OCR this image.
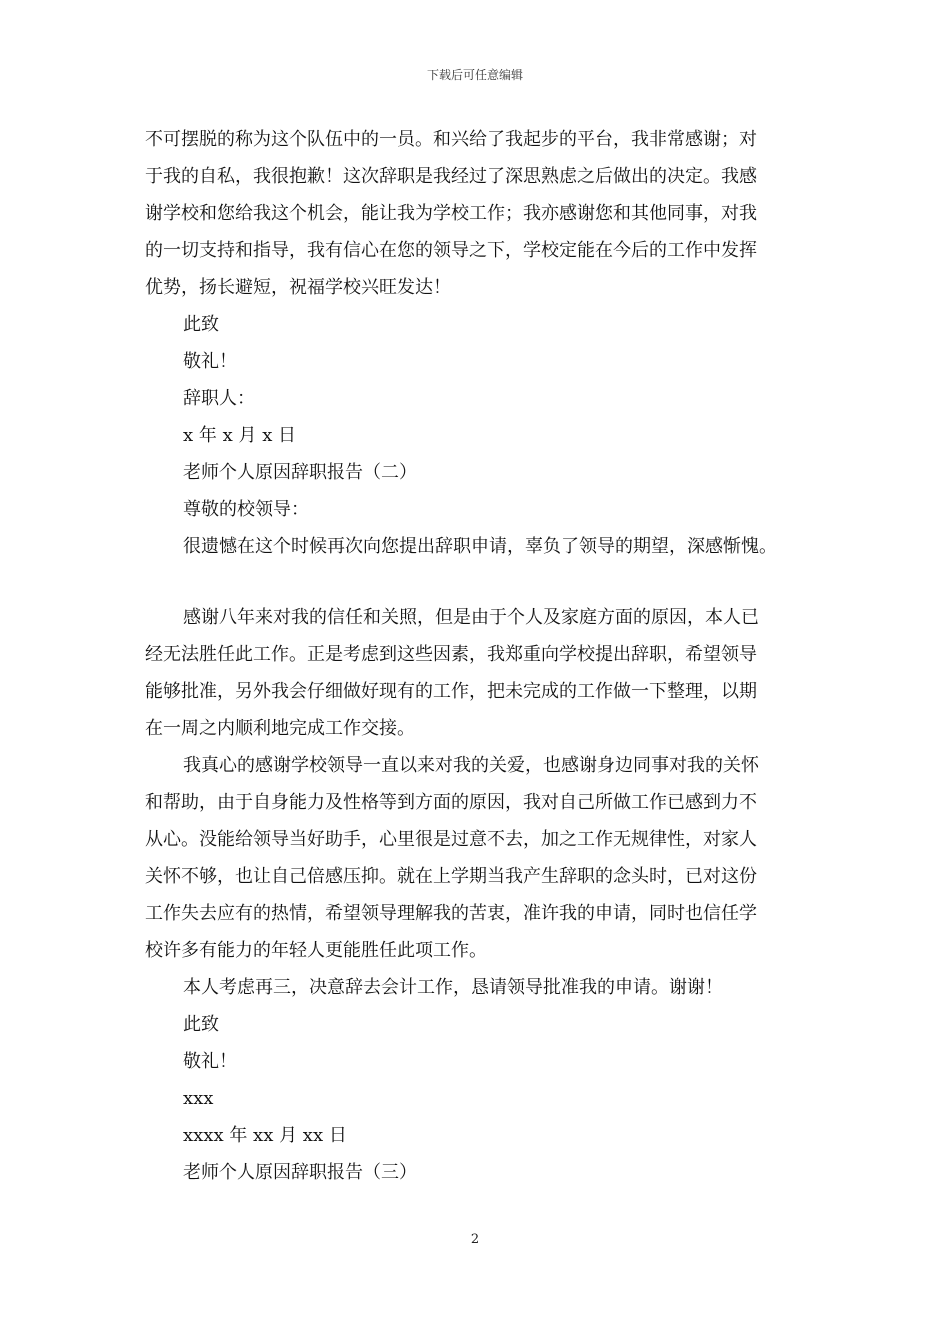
下载后可任意编辑
不可摆脱的称为这个队伍中的一员。和兴给了我起步的平台，我非常感谢；对
于我的自私，我很抱歉！这次辞职是我经过了深思熟虑之后做出的决定。我感
谢学校和您给我这个机会，能让我为学校工作；我亦感谢您和其他同事，对我
的一切支持和指导，我有信心在您的领导之下，学校定能在今后的工作中发挥
优势，扬长避短，祝福学校兴旺发达！
此致
敬礼！
辞职人：
x 年 x 月 x 日
老师个人原因辞职报告（二）
尊敬的校领导：
很遗憾在这个时候再次向您提出辞职申请，辜负了领导的期望，深感惭愧。
感谢八年来对我的信任和关照，但是由于个人及家庭方面的原因，本人已
经无法胜任此工作。正是考虑到这些因素，我郑重向学校提出辞职，希望领导
能够批准，另外我会仔细做好现有的工作，把未完成的工作做一下整理，以期
在一周之内顺利地完成工作交接。
我真心的感谢学校领导一直以来对我的关爱，也感谢身边同事对我的关怀
和帮助，由于自身能力及性格等到方面的原因，我对自己所做工作已感到力不
从心。没能给领导当好助手，心里很是过意不去，加之工作无规律性，对家人
关怀不够，也让自己倍感压抑。就在上学期当我产生辞职的念头时，已对这份
工作失去应有的热情，希望领导理解我的苦衷，准许我的申请，同时也信任学
校许多有能力的年轻人更能胜任此项工作。
本人考虑再三，决意辞去会计工作，恳请领导批准我的申请。谢谢！
此致
敬礼！
xxx
xxxx 年 xx 月 xx 日
老师个人原因辞职报告（三）
2
